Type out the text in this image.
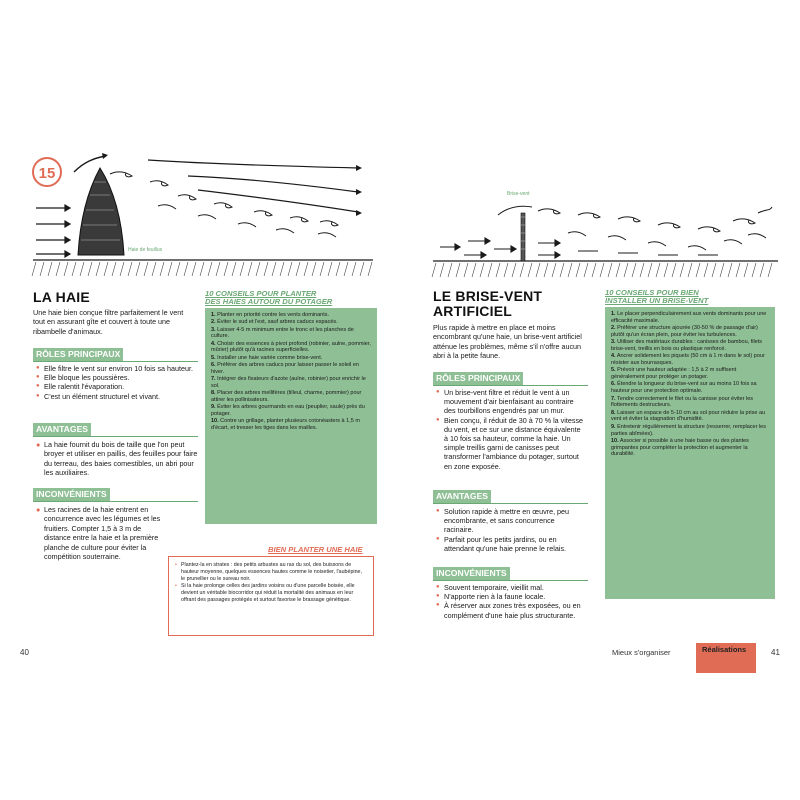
15
Haie de feuillus
LA HAIE
Une haie bien conçue filtre parfaitement le vent tout en assurant gîte et couvert à toute une ribambelle d'animaux.
RÔLES PRINCIPAUX
● Elle filtre le vent sur environ 10 fois sa hauteur.
● Elle bloque les poussières.
● Elle ralentit l'évaporation.
● C'est un élément structurel et vivant.
AVANTAGES
● La haie fournit du bois de taille que l'on peut broyer et utiliser en paillis, des feuilles pour faire du terreau, des baies comestibles, un abri pour les auxiliaires.
INCONVÉNIENTS
● Les racines de la haie entrent en concurrence avec les légumes et les fruitiers. Compter 1,5 à 3 m de distance entre la haie et la première planche de culture pour éviter la compétition souterraine.
10 CONSEILS POUR PLANTER
DES HAIES AUTOUR DU POTAGER
1. Planter en priorité contre les vents dominants.
2. Éviter le sud et l'est, sauf arbres caducs espacés.
3. Laisser 4-5 m minimum entre le tronc et les planches de culture.
4. Choisir des essences à pivot profond (robinier, aulne, pommier, mûrier) plutôt qu'à racines superficielles.
5. Installer une haie variée comme brise-vent.
6. Préférer des arbres caducs pour laisser passer le soleil en hiver.
7. Intégrer des fixateurs d'azote (aulne, robinier) pour enrichir le sol.
8. Placer des arbres mellifères (tilleul, charme, pommier) pour attirer les pollinisateurs.
9. Éviter les arbres gourmands en eau (peuplier, saule) près du potager.
10. Contre un grillage, planter plusieurs cotonéasters à 1,5 m d'écart, et tresser les tiges dans les mailles.
BIEN PLANTER UNE HAIE
• Plantez-la en strates : des petits arbustes au ras du sol, des buissons de hauteur moyenne, quelques essences hautes comme le noisetier, l'aubépine, le prunellier ou le sureau noir.
• Si la haie prolonge celles des jardins voisins ou d'une parcelle boisée, elle devient un véritable biocorridor qui réduit la mortalité des animaux en leur offrant des passages protégés et surtout favorise le brassage génétique.
40
Brise-vent
LE BRISE-VENT
ARTIFICIEL
Plus rapide à mettre en place et moins encombrant qu'une haie, un brise-vent artificiel atténue les problèmes, même s'il n'offre aucun abri à la petite faune.
RÔLES PRINCIPAUX
● Un brise-vent filtre et réduit le vent à un mouvement d'air bienfaisant au contraire des tourbillons engendrés par un mur.
● Bien conçu, il réduit de 30 à 70 % la vitesse du vent, et ce sur une distance équivalente à 10 fois sa hauteur, comme la haie. Un simple treillis garni de canisses peut transformer l'ambiance du potager, surtout en zone exposée.
AVANTAGES
● Solution rapide à mettre en œuvre, peu encombrante, et sans concurrence racinaire.
● Parfait pour les petits jardins, ou en attendant qu'une haie prenne le relais.
INCONVÉNIENTS
● Souvent temporaire, vieillit mal.
● N'apporte rien à la faune locale.
● À réserver aux zones très exposées, ou en complément d'une haie plus structurante.
10 CONSEILS POUR BIEN
INSTALLER UN BRISE-VENT
1. Le placer perpendiculairement aux vents dominants pour une efficacité maximale.
2. Préférer une structure ajourée (30-50 % de passage d'air) plutôt qu'un écran plein, pour éviter les turbulences.
3. Utiliser des matériaux durables : canisses de bambou, filets brise-vent, treillis en bois ou plastique renforcé.
4. Ancrer solidement les piquets (50 cm à 1 m dans le sol) pour résister aux bourrasques.
5. Prévoir une hauteur adaptée : 1,5 à 2 m suffisent généralement pour protéger un potager.
6. Étendre la longueur du brise-vent sur au moins 10 fois sa hauteur pour une protection optimale.
7. Tendre correctement le filet ou la canisse pour éviter les flottements destructeurs.
8. Laisser un espace de 5-10 cm au sol pour réduire la prise au vent et éviter la stagnation d'humidité.
9. Entretenir régulièrement la structure (resserrer, remplacer les parties abîmées).
10. Associer si possible à une haie basse ou des plantes grimpantes pour compléter la protection et augmenter la durabilité.
Mieux s'organiser	Réalisations	41
